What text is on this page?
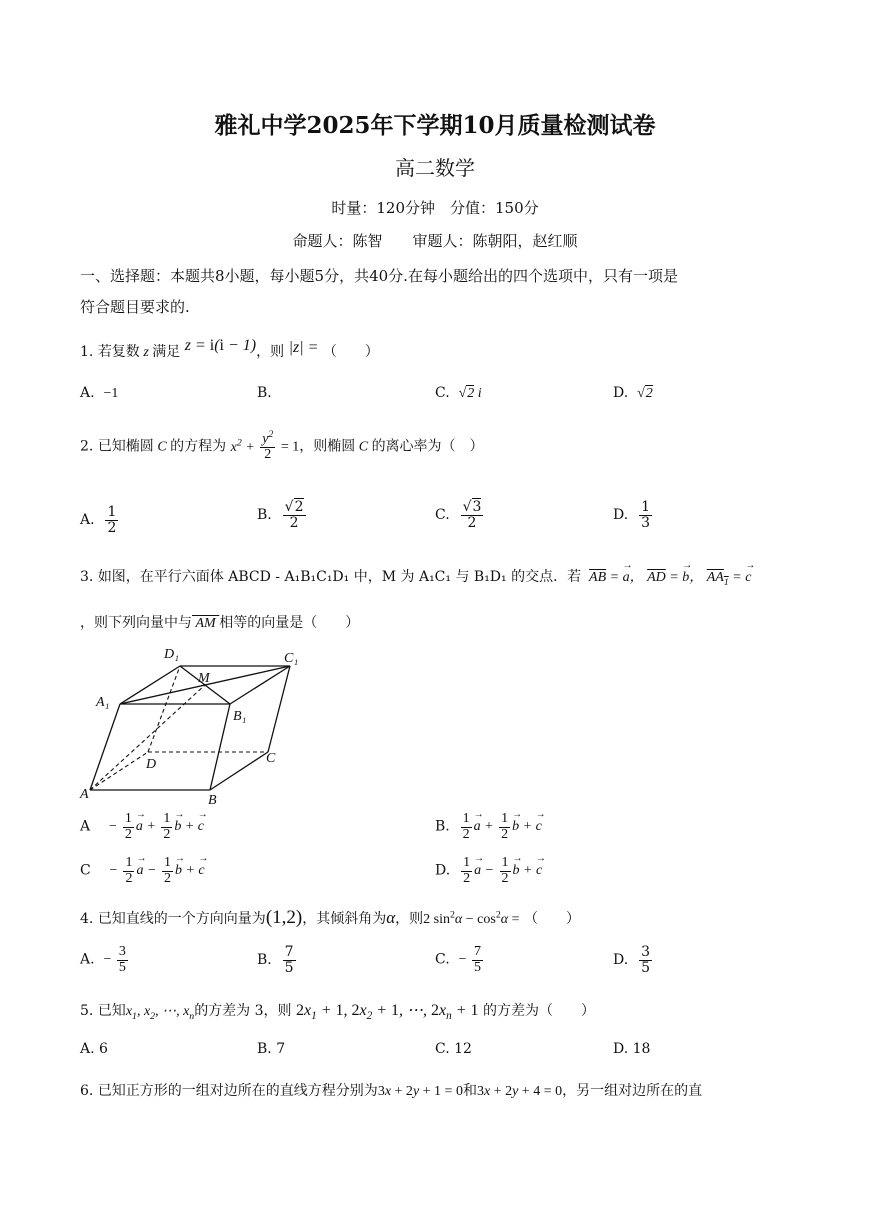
雅礼中学2025年下学期10月质量检测试卷
高二数学
时量：120分钟　分值：150分
命题人：陈智　　审题人：陈朝阳，赵红顺
一、选择题：本题共8小题，每小题5分，共40分.在每小题给出的四个选项中，只有一项是
符合题目要求的.
1. 若复数 z 满足 z = i(i − 1)，则 |z| = （　　）
A. −1	B.	C. √2 i	D. √2
2. 已知椭圆 C 的方程为 $x^2 + \frac{y^2}{2} = 1$，则椭圆 C 的离心率为（　）
A. $\frac{1}{2}$	B. $\frac{√2}{2}$	C. $\frac{√3}{2}$	D. $\frac{1}{3}$
3. 如图，在平行六面体 ABCD - A₁B₁C₁D₁ 中，M 为 A₁C₁ 与 B₁D₁ 的交点．若 $\overline{AB}$ = → a， $\overline{AD}$ = → b， $AA_1$ = → c
，则下列向量中与 AM 相等的向量是（　　）
D₁	C₁
M
A₁
B₁
D	C
A	B
$A - \frac{1}{2} \to a + \frac{1}{2} \to b$ + → c	B. $\frac{1}{2} \to a + \frac{1}{2} \to b$ + → c
$C - \frac{1}{2} \to a - \frac{1}{2} \to b$ + → c	D. $\frac{1}{2} \to a - \frac{1}{2} \to b$ + → c
4. 已知直线的一个方向向量为(1,2)，其倾斜角为α，则2 $\sin^2\alpha - \cos^2\alpha$ = （　　）
A. − $\frac{3}{5}$	B. $\frac{7}{5}$	C. − $\frac{7}{5}$	D. $\frac{3}{5}$
5. 已知$x_1$, $x_2$, ⋯, $x_n$的方差为 3，则 $2x_1 + 1$, $2x_2 + 1$, ⋯, $2x_n + 1$ 的方差为（　　）
A. 6	B. 7	C. 12	D. 18
6. 已知正方形的一组对边所在的直线方程分别为3x + 2y + 1 = 0和3x + 2y + 4 = 0，另一组对边所在的直
